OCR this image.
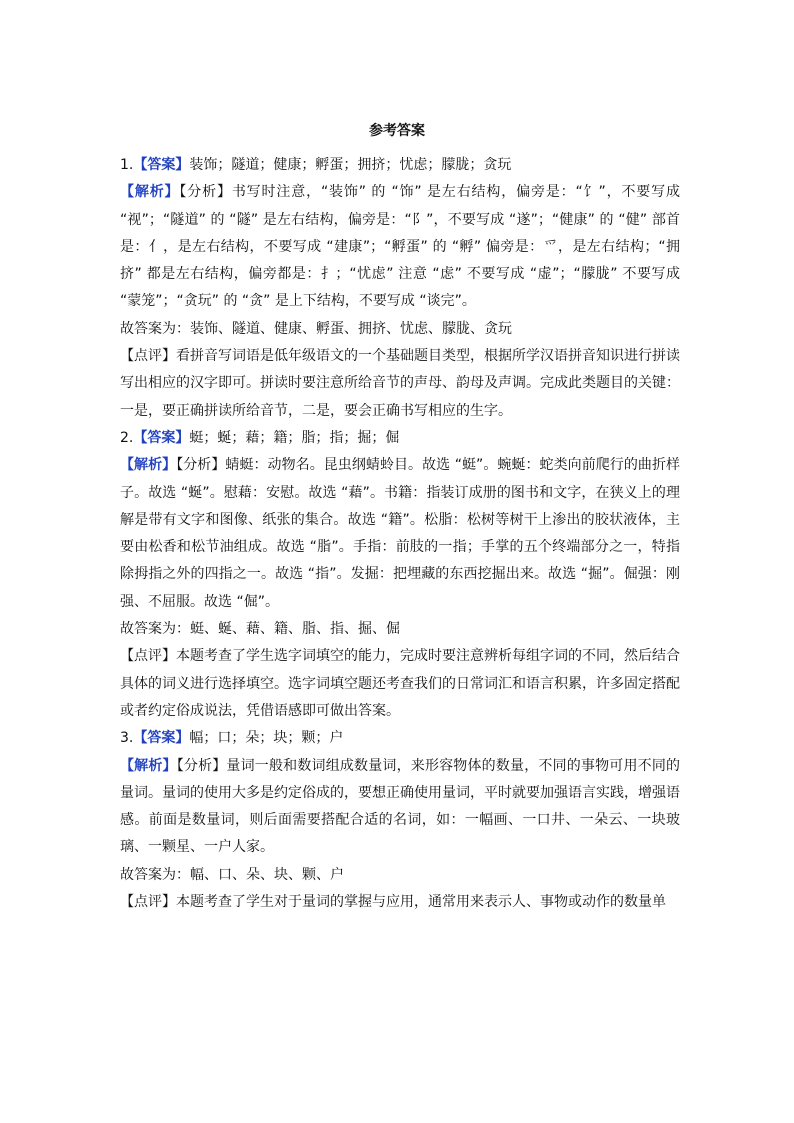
参考答案

1.【答案】装饰；隧道；健康；孵蛋；拥挤；忧虑；朦胧；贪玩

【解析】【分析】书写时注意，“装饰” 的 “饰” 是左右结构，偏旁是：“饣”，不要写成 “视”；“隧道” 的 “隧” 是左右结构，偏旁是：“阝”，不要写成 “遂”；“健康” 的 “健” 部首是：亻，是左右结构，不要写成 “建康”；“孵蛋” 的 “孵” 偏旁是：爫，是左右结构；“拥挤” 都是左右结构，偏旁都是：扌；“忧虑” 注意 “虑” 不要写成 “虚”；“朦胧” 不要写成 “蒙笼”；“贪玩” 的 “贪” 是上下结构，不要写成 “谈完”。

故答案为：装饰、隧道、健康、孵蛋、拥挤、忧虑、朦胧、贪玩

【点评】看拼音写词语是低年级语文的一个基础题目类型，根据所学汉语拼音知识进行拼读写出相应的汉字即可。拼读时要注意所给音节的声母、韵母及声调。完成此类题目的关键：一是，要正确拼读所给音节，二是，要会正确书写相应的生字。

2.【答案】蜓；蜒；藉；籍；脂；指；掘；倔

【解析】【分析】蜻蜓：动物名。昆虫纲蜻蛉目。故选 “蜓”。蜿蜒：蛇类向前爬行的曲折样子。故选 “蜒”。慰藉：安慰。故选 “藉”。书籍：指装订成册的图书和文字，在狭义上的理解是带有文字和图像、纸张的集合。故选 “籍”。松脂：松树等树干上渗出的胶状液体，主要由松香和松节油组成。故选 “脂”。手指：前肢的一指；手掌的五个终端部分之一，特指除拇指之外的四指之一。故选 “指”。发掘：把埋藏的东西挖掘出来。故选 “掘”。倔强：刚强、不屈服。故选 “倔”。

故答案为：蜓、蜒、藉、籍、脂、指、掘、倔

【点评】本题考查了学生选字词填空的能力，完成时要注意辨析每组字词的不同，然后结合具体的词义进行选择填空。选字词填空题还考查我们的日常词汇和语言积累，许多固定搭配或者约定俗成说法，凭借语感即可做出答案。

3.【答案】幅；口；朵；块；颗；户

【解析】【分析】量词一般和数词组成数量词，来形容物体的数量，不同的事物可用不同的量词。量词的使用大多是约定俗成的，要想正确使用量词，平时就要加强语言实践，增强语感。前面是数量词，则后面需要搭配合适的名词，如：一幅画、一口井、一朵云、一块玻璃、一颗星、一户人家。

故答案为：幅、口、朵、块、颗、户

【点评】本题考查了学生对于量词的掌握与应用，通常用来表示人、事物或动作的数量单
